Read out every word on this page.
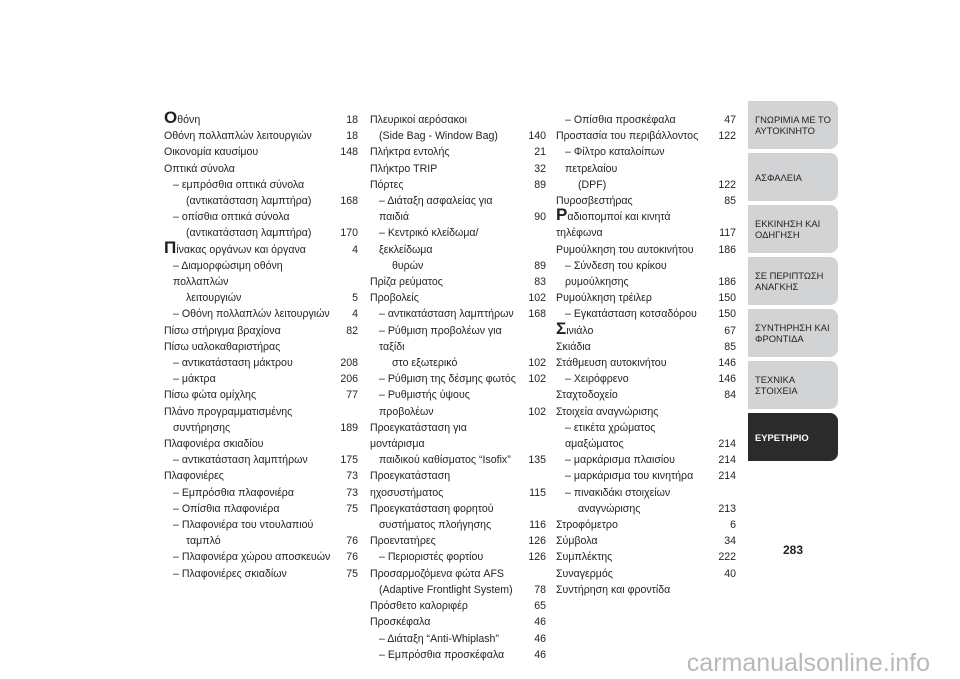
Οθόνη	18
Οθόνη πολλαπλών λειτουργιών	18
Οικονομία καυσίμου	148
Οπτικά σύνολα
– εμπρόσθια οπτικά σύνολα
(αντικατάσταση λαμπτήρα)	168
– οπίσθια οπτικά σύνολα
(αντικατάσταση λαμπτήρα)	170
Πίνακας οργάνων και όργανα	4
– Διαμορφώσιμη οθόνη πολλαπλών
λειτουργιών	5
– Οθόνη πολλαπλών λειτουργιών 4
Πίσω στήριγμα βραχίονα	82
Πίσω υαλοκαθαριστήρας
– αντικατάσταση μάκτρου	208
– μάκτρα	206
Πίσω φώτα ομίχλης	77
Πλάνο προγραμματισμένης
συντήρησης	189
Πλαφονιέρα σκιαδίου
– αντικατάσταση λαμπτήρων	175
Πλαφονιέρες	73
– Εμπρόσθια πλαφονιέρα	73
– Οπίσθια πλαφονιέρα	75
– Πλαφονιέρα του ντουλαπιού
ταμπλό	76
– Πλαφονιέρα χώρου αποσκευών 76
– Πλαφονιέρες σκιαδίων	75
Πλευρικοί αερόσακοι
(Side Bag - Window Bag)	140
Πλήκτρα εντολής	21
Πλήκτρο TRIP	32
Πόρτες	89
– Διάταξη ασφαλείας για παιδιά	90
– Κεντρικό κλείδωμα/ξεκλείδωμα
θυρών	89
Πρίζα ρεύματος	83
Προβολείς	102
– αντικατάσταση λαμπτήρων 168
– Ρύθμιση προβολέων για ταξίδι
στο εξωτερικό	102
– Ρύθμιση της δέσμης φωτός 102
– Ρυθμιστής ύψους προβολέων	102
Προεγκατάσταση για μοντάρισμα
παιδικού καθίσματος “Isofix”	135
Προεγκατάσταση ηχοσυστήματος	115
Προεγκατάσταση φορητού
συστήματος πλοήγησης	116
Προεντατήρες	126
– Περιοριστές φορτίου	126
Προσαρμοζόμενα φώτα AFS
(Adaptive Frontlight System)	78
Πρόσθετο καλοριφέρ	65
Προσκέφαλα	46
– Διάταξη “Anti-Whiplash”	46
– Εμπρόσθια προσκέφαλα	46
– Οπίσθια προσκέφαλα	47
Προστασία του περιβάλλοντος 122
– Φίλτρο καταλοίπων πετρελαίου
(DPF)	122
Πυροσβεστήρας	85
Ραδιοπομποί και κινητά τηλέφωνα	117
Ρυμούλκηση του αυτοκινήτου 186
– Σύνδεση του κρίκου ρυμούλκησης	186
Ρυμούλκηση τρέιλερ	150
– Εγκατάσταση κοτσαδόρου 150
Σινιάλο	67
Σκιάδια	85
Στάθμευση αυτοκινήτου	146
– Χειρόφρενο	146
Σταχτοδοχείο	84
Στοιχεία αναγνώρισης
– ετικέτα χρώματος αμαξώματος	214
– μαρκάρισμα πλαισίου	214
– μαρκάρισμα του κινητήρα 214
– πινακιδάκι στοιχείων
αναγνώρισης	213
Στροφόμετρο	6
Σύμβολα	34
Συμπλέκτης	222
Συναγερμός	40
Συντήρηση και φροντίδα
ΓΝΩΡΙΜΙΑ ΜΕ ΤΟ ΑΥΤΟΚΙΝΗΤΟ
ΑΣΦΑΛΕΙΑ
ΕΚΚΙΝΗΣΗ ΚΑΙ ΟΔΗΓΗΣΗ
ΣΕ ΠΕΡΙΠΤΩΣΗ ΑΝΑΓΚΗΣ
ΣΥΝΤΗΡΗΣΗ ΚΑΙ ΦΡΟΝΤΙΔΑ
ΤΕΧΝΙΚΑ ΣΤΟΙΧΕΙΑ
ΕΥΡΕΤΗΡΙΟ
283
carmanualsonline.info
